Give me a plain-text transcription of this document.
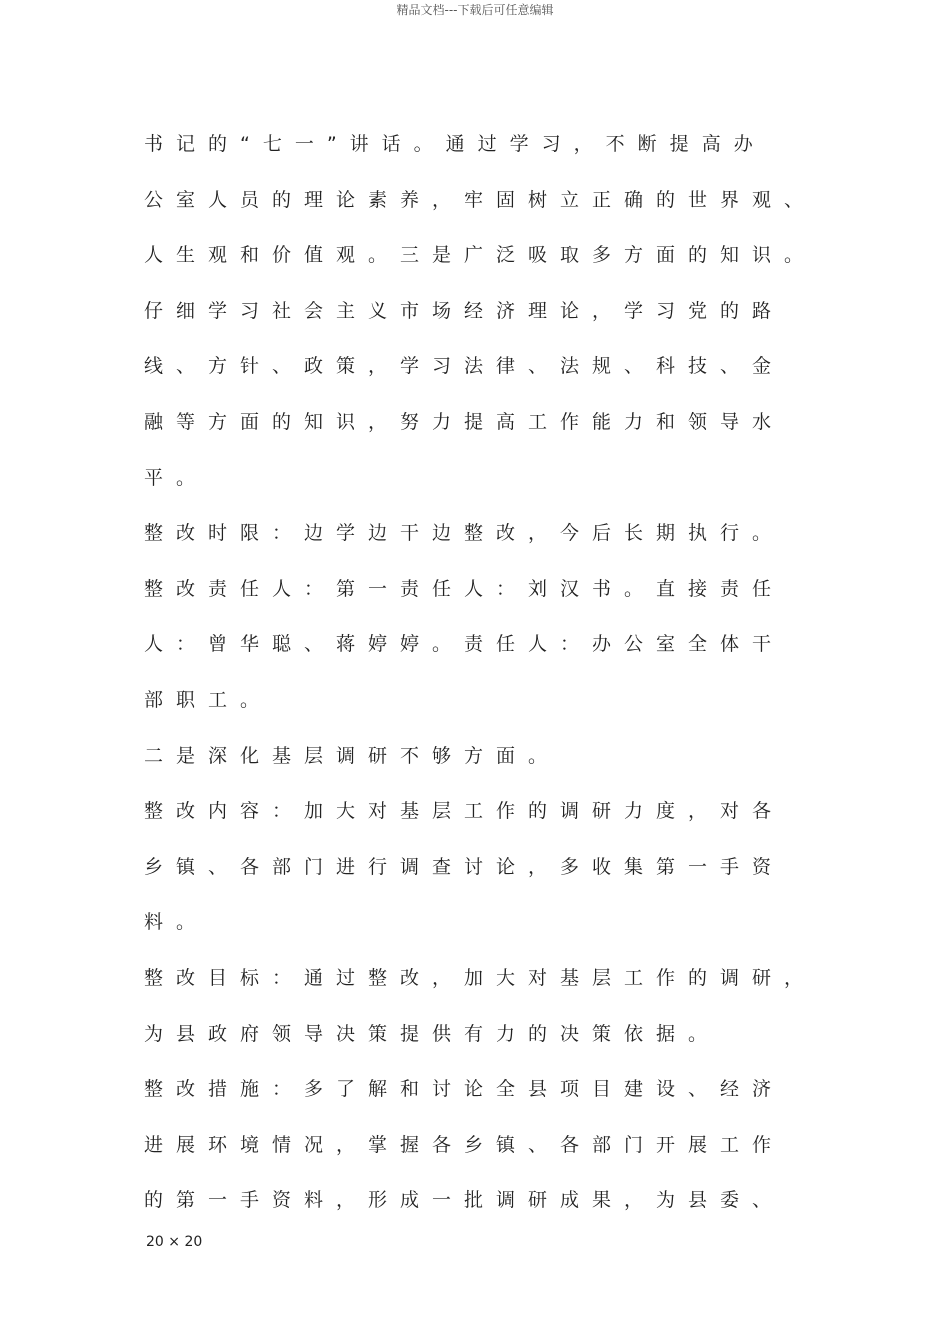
精品文档---下载后可任意编辑
书记的“七一”讲话。通过学习，不断提高办
公室人员的理论素养，牢固树立正确的世界观、
人生观和价值观。三是广泛吸取多方面的知识。
仔细学习社会主义市场经济理论，学习党的路
线、方针、政策，学习法律、法规、科技、金
融等方面的知识，努力提高工作能力和领导水
平。
整改时限：边学边干边整改，今后长期执行。
整改责任人：第一责任人：刘汉书。直接责任
人：曾华聪、蒋婷婷。责任人：办公室全体干
部职工。
二是深化基层调研不够方面。
整改内容：加大对基层工作的调研力度，对各
乡镇、各部门进行调查讨论，多收集第一手资
料。
整改目标：通过整改，加大对基层工作的调研，
为县政府领导决策提供有力的决策依据。
整改措施：多了解和讨论全县项目建设、经济
进展环境情况，掌握各乡镇、各部门开展工作
的第一手资料，形成一批调研成果，为县委、
20 × 20
